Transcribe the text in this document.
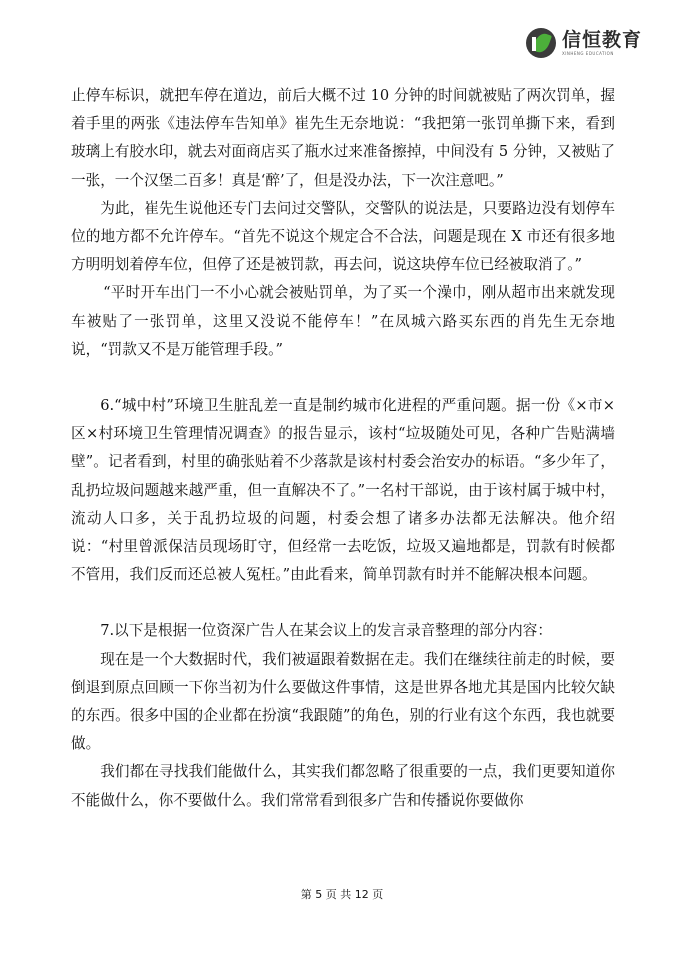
信恒教育
XINHENG EDUCATION

止停车标识，就把车停在道边，前后大概不过 10 分钟的时间就被贴了两次罚单，握着手里的两张《违法停车告知单》崔先生无奈地说：“我把第一张罚单撕下来，看到玻璃上有胶水印，就去对面商店买了瓶水过来准备擦掉，中间没有 5 分钟，又被贴了一张，一个汉堡二百多！真是‘醉’了，但是没办法，下一次注意吧。”

为此，崔先生说他还专门去问过交警队，交警队的说法是，只要路边没有划停车位的地方都不允许停车。“首先不说这个规定合不合法，问题是现在 X 市还有很多地方明明划着停车位，但停了还是被罚款，再去问，说这块停车位已经被取消了。”

“平时开车出门一不小心就会被贴罚单，为了买一个澡巾，刚从超市出来就发现车被贴了一张罚单，这里又没说不能停车！”在凤城六路买东西的肖先生无奈地说，“罚款又不是万能管理手段。”

6.“城中村”环境卫生脏乱差一直是制约城市化进程的严重问题。据一份《×市×区×村环境卫生管理情况调查》的报告显示，该村“垃圾随处可见，各种广告贴满墙壁”。记者看到，村里的确张贴着不少落款是该村村委会治安办的标语。“多少年了，乱扔垃圾问题越来越严重，但一直解决不了。”一名村干部说，由于该村属于城中村，流动人口多，关于乱扔垃圾的问题，村委会想了诸多办法都无法解决。他介绍说：“村里曾派保洁员现场盯守，但经常一去吃饭，垃圾又遍地都是，罚款有时候都不管用，我们反而还总被人冤枉。”由此看来，简单罚款有时并不能解决根本问题。

7.以下是根据一位资深广告人在某会议上的发言录音整理的部分内容：

现在是一个大数据时代，我们被逼跟着数据在走。我们在继续往前走的时候，要倒退到原点回顾一下你当初为什么要做这件事情，这是世界各地尤其是国内比较欠缺的东西。很多中国的企业都在扮演“我跟随”的角色，别的行业有这个东西，我也就要做。

我们都在寻找我们能做什么，其实我们都忽略了很重要的一点，我们更要知道你不能做什么，你不要做什么。我们常常看到很多广告和传播说你要做你

第 5 页 共 12 页
